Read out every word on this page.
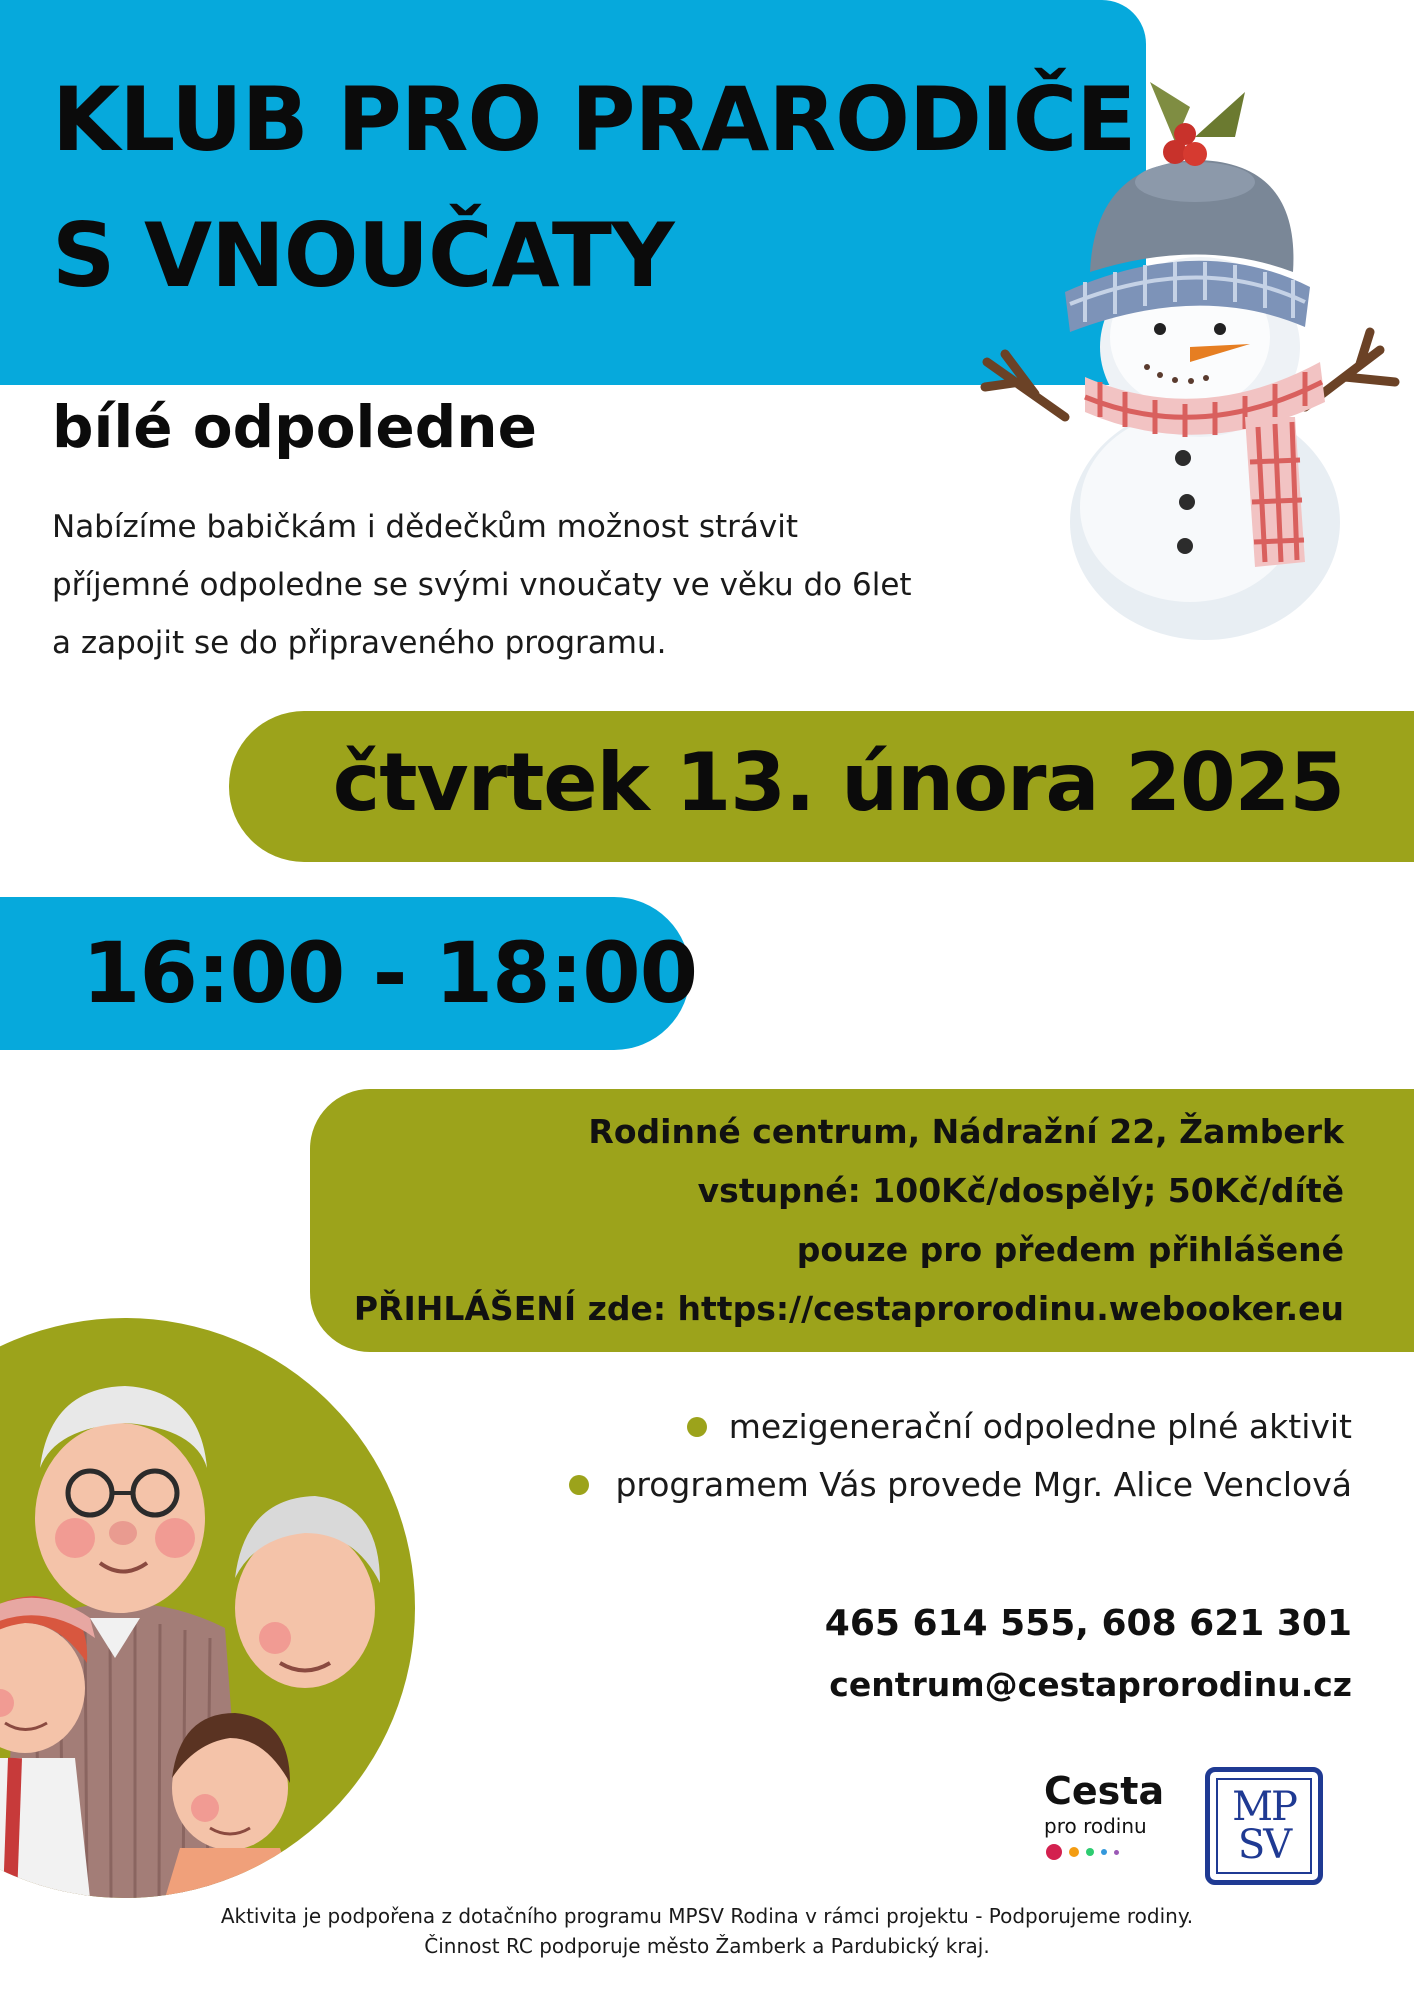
KLUB PRO PRARODIČE
S VNOUČATY
bílé odpoledne
Nabízíme babičkám i dědečkům možnost strávit
příjemné odpoledne se svými vnoučaty ve věku do 6let
a zapojit se do připraveného programu.
čtvrtek 13. února 2025
16:00 - 18:00
Rodinné centrum, Nádražní 22, Žamberk
vstupné: 100Kč/dospělý; 50Kč/dítě
pouze pro předem přihlášené
PŘIHLÁŠENÍ zde: https://cestaprorodinu.webooker.eu
mezigenerační odpoledne plné aktivit
programem Vás provede Mgr. Alice Venclová
465 614 555, 608 621 301
centrum@cestaprorodinu.cz
Cesta
pro rodinu MP
SV
Aktivita je podpořena z dotačního programu MPSV Rodina v rámci projektu - Podporujeme rodiny.
Činnost RC podporuje město Žamberk a Pardubický kraj.
